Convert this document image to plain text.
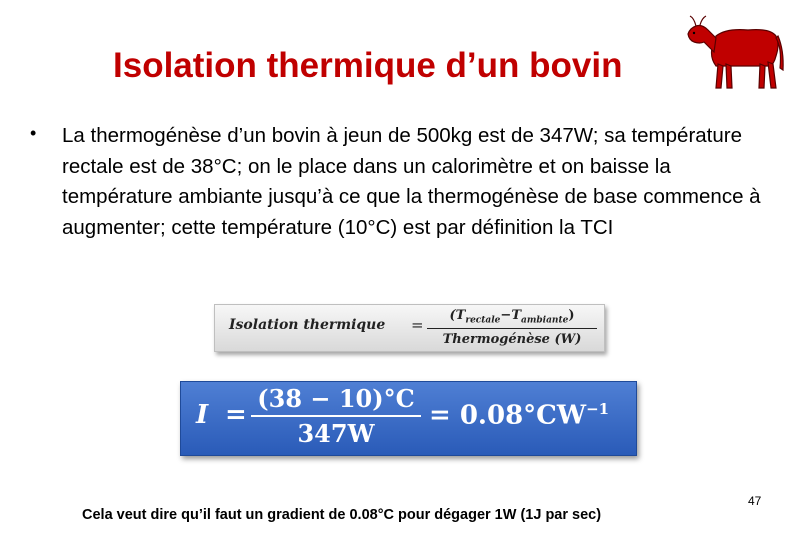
Isolation thermique d’un bovin
• La thermogénèse d’un bovin à jeun de 500kg est de 347W; sa température rectale est de 38°C; on le place dans un calorimètre et on baisse la température ambiante jusqu’à ce que la thermogénèse de base commence à augmenter; cette température (10°C) est par définition la TCI
Isolation thermique =
$(T_{rectale}-T_{ambiante})$
Thermogénèse (W)
I =
(38 − 10)°C
347W
= $0.08^\circ CW^{-1}$
Cela veut dire qu’il faut un gradient de 0.08°C pour dégager 1W (1J par sec)
47
